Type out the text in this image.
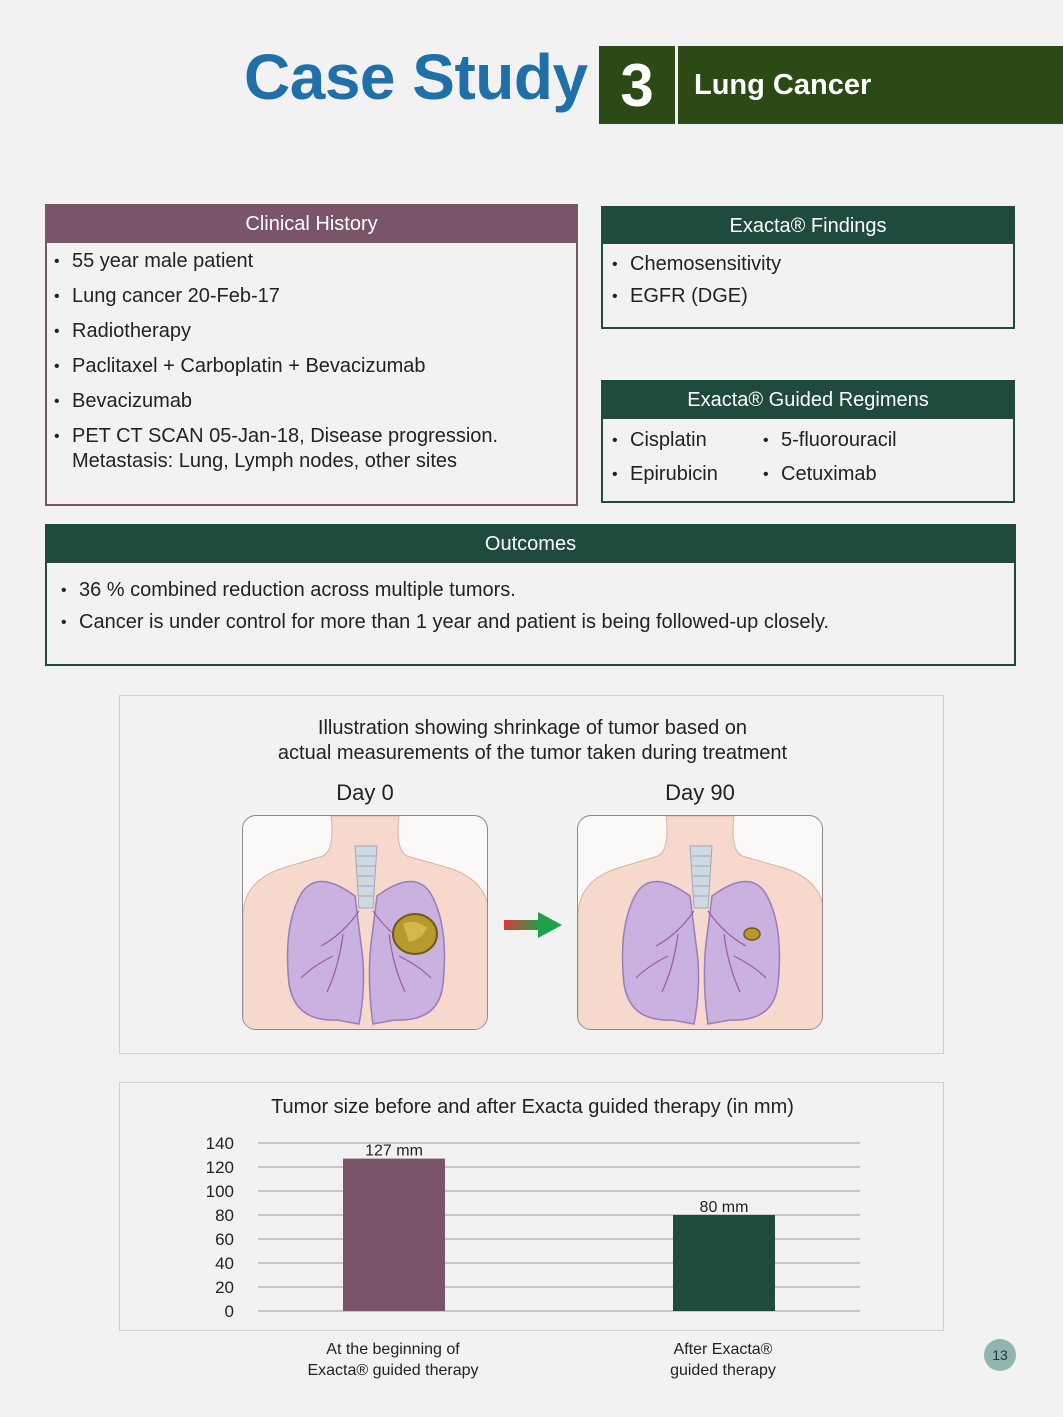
Case Study 3	Lung Cancer
Clinical History
• 55 year male patient
• Lung cancer 20-Feb-17
• Radiotherapy
• Paclitaxel + Carboplatin + Bevacizumab
• Bevacizumab
• PET CT SCAN 05-Jan-18, Disease progression.
Metastasis: Lung, Lymph nodes, other sites
Exacta® Findings
• Chemosensitivity
• EGFR (DGE)
Exacta® Guided Regimens
• Cisplatin
• Epirubicin
• 5-fluorouracil
• Cetuximab
Outcomes
• 36 % combined reduction across multiple tumors.
• Cancer is under control for more than 1 year and patient is being followed-up closely.
Illustration showing shrinkage of tumor based on
actual measurements of the tumor taken during treatment
Day 0	Day 90
Tumor size before and after Exacta guided therapy (in mm)
0
20
40
60
80
100
120
140	127 mm
80 mm
At the beginning of
Exacta® guided therapy
After Exacta®
guided therapy
13
